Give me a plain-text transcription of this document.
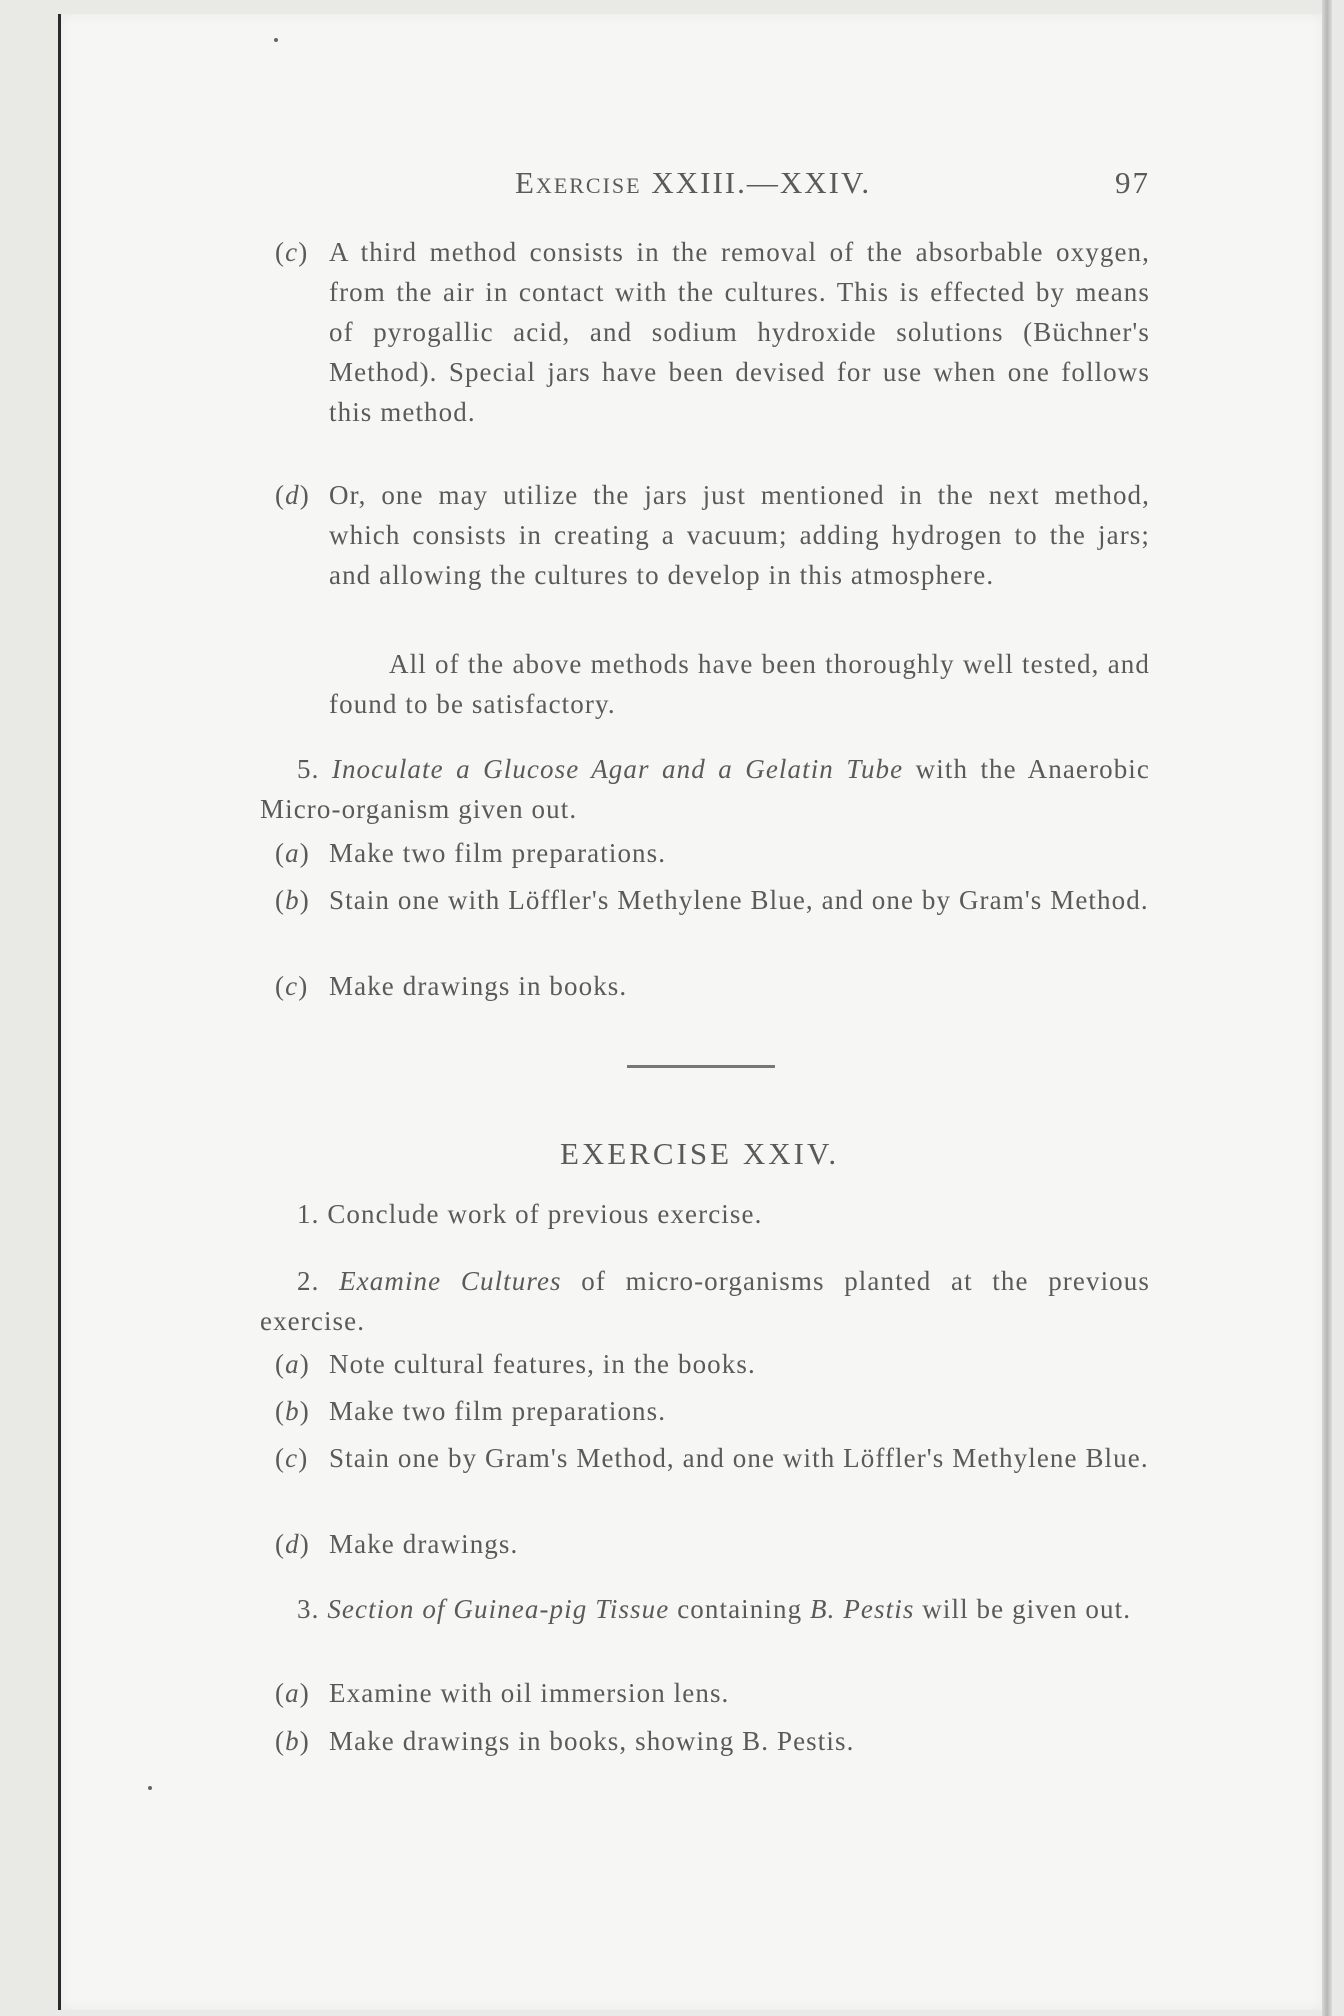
Exercise XXIII.—XXIV.	97
(c) A third method consists in the removal of the absorbable oxygen, from the air in contact with the cultures. This is effected by means of pyrogallic acid, and sodium hydroxide solutions (Büchner's Method). Special jars have been devised for use when one follows this method.
(d) Or, one may utilize the jars just mentioned in the next method, which consists in creating a vacuum; adding hydrogen to the jars; and allowing the cultures to develop in this atmosphere.
All of the above methods have been thoroughly well tested, and found to be satisfactory.
5. Inoculate a Glucose Agar and a Gelatin Tube with the Anaerobic Micro-organism given out.
(a) Make two film preparations.
(b) Stain one with Löffler's Methylene Blue, and one by Gram's Method.
(c) Make drawings in books.
EXERCISE XXIV.
1. Conclude work of previous exercise.
2. Examine Cultures of micro-organisms planted at the previous exercise.
(a) Note cultural features, in the books.
(b) Make two film preparations.
(c) Stain one by Gram's Method, and one with Löffler's Methylene Blue.
(d) Make drawings.
3. Section of Guinea-pig Tissue containing B. Pestis will be given out.
(a) Examine with oil immersion lens.
(b) Make drawings in books, showing B. Pestis.
